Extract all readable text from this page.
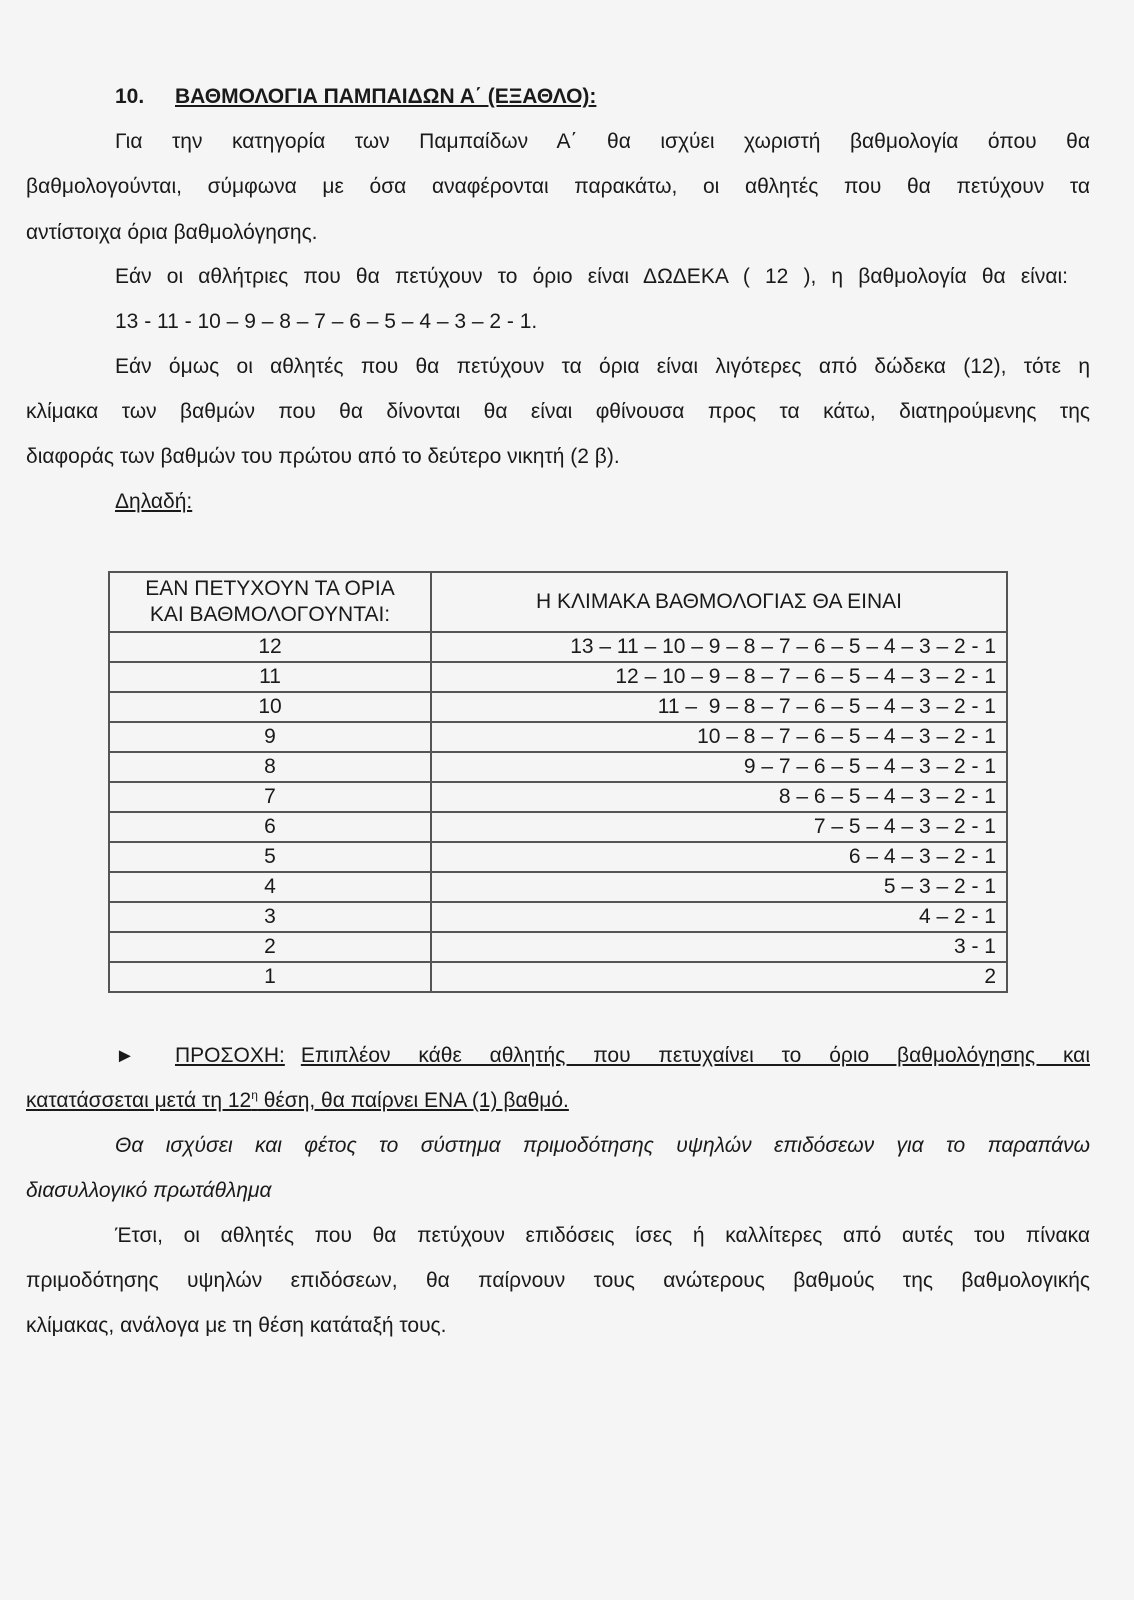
10. ΒΑΘΜΟΛΟΓΙΑ ΠΑΜΠΑΙΔΩΝ Α΄ (ΕΞΑΘΛΟ):
Για την κατηγορία των Παμπαίδων Α΄ θα ισχύει χωριστή βαθμολογία όπου θα
βαθμολογούνται, σύμφωνα με όσα αναφέρονται παρακάτω, οι αθλητές που θα πετύχουν τα
αντίστοιχα όρια βαθμολόγησης.
Εάν οι αθλήτριες που θα πετύχουν το όριο είναι ΔΩΔΕΚΑ ( 12 ), η βαθμολογία θα είναι:
13 - 11 - 10 – 9 – 8 – 7 – 6 – 5 – 4 – 3 – 2 - 1.
Εάν όμως οι αθλητές που θα πετύχουν τα όρια είναι λιγότερες από δώδεκα (12), τότε η
κλίμακα των βαθμών που θα δίνονται θα είναι φθίνουσα προς τα κάτω, διατηρούμενης της
διαφοράς των βαθμών του πρώτου από το δεύτερο νικητή (2 β).
Δηλαδή:
ΕΑΝ ΠΕΤΥΧΟΥΝ ΤΑ ΟΡΙΑ
ΚΑΙ ΒΑΘΜΟΛΟΓΟΥΝΤΑΙ:	Η ΚΛΙΜΑΚΑ ΒΑΘΜΟΛΟΓΙΑΣ ΘΑ ΕΙΝΑΙ
12	13 – 11 – 10 – 9 – 8 – 7 – 6 – 5 – 4 – 3 – 2 - 1
11	12 – 10 – 9 – 8 – 7 – 6 – 5 – 4 – 3 – 2 - 1
10	11 –  9 – 8 – 7 – 6 – 5 – 4 – 3 – 2 - 1
9	10 – 8 – 7 – 6 – 5 – 4 – 3 – 2 - 1
8	9 – 7 – 6 – 5 – 4 – 3 – 2 - 1
7	8 – 6 – 5 – 4 – 3 – 2 - 1
6	7 – 5 – 4 – 3 – 2 - 1
5	6 – 4 – 3 – 2 - 1
4	5 – 3 – 2 - 1
3	4 – 2 - 1
2	3 - 1
1	2
►	ΠΡΟΣΟΧΗ: Επιπλέον κάθε αθλητής που πετυχαίνει το όριο βαθμολόγησης και
κατατάσσεται μετά τη $12^\eta$ θέση, θα παίρνει ΕΝΑ (1) βαθμό.
Θα ισχύσει και φέτος το σύστημα πριμοδότησης υψηλών επιδόσεων για το παραπάνω
διασυλλογικό πρωτάθλημα
Έτσι, οι αθλητές που θα πετύχουν επιδόσεις ίσες ή καλλίτερες από αυτές του πίνακα
πριμοδότησης υψηλών επιδόσεων, θα παίρνουν τους ανώτερους βαθμούς της βαθμολογικής
κλίμακας, ανάλογα με τη θέση κατάταξή τους.
